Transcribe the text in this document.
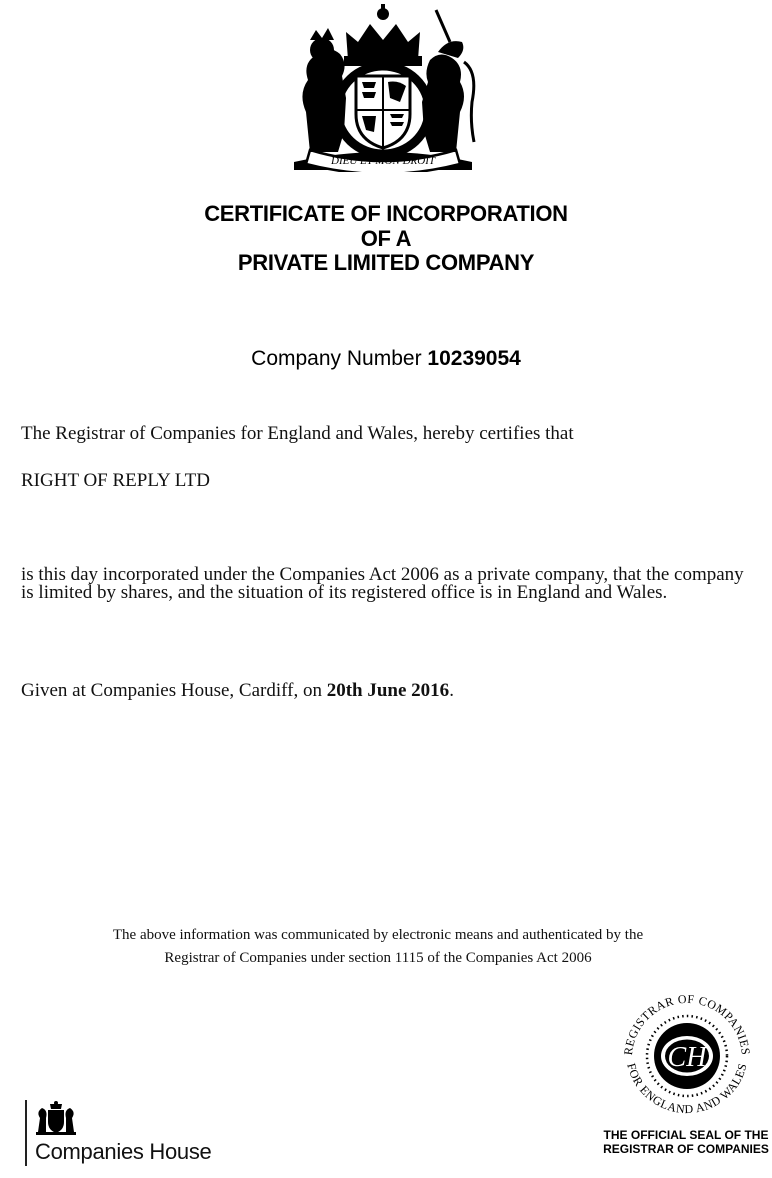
DIEU ET MON DROIT
CERTIFICATE OF INCORPORATION
OF A
PRIVATE LIMITED COMPANY
Company Number 10239054
The Registrar of Companies for England and Wales, hereby certifies that
RIGHT OF REPLY LTD
is this day incorporated under the Companies Act 2006 as a private company, that the company is limited by shares, and the situation of its registered office is in England and Wales.
Given at Companies House, Cardiff, on 20th June 2016.
The above information was communicated by electronic means and authenticated by the
Registrar of Companies under section 1115 of the Companies Act 2006
REGISTRAR OF COMPANIES
FOR ENGLAND AND WALES
CH
THE OFFICIAL SEAL OF THE
REGISTRAR OF COMPANIES
Companies House
